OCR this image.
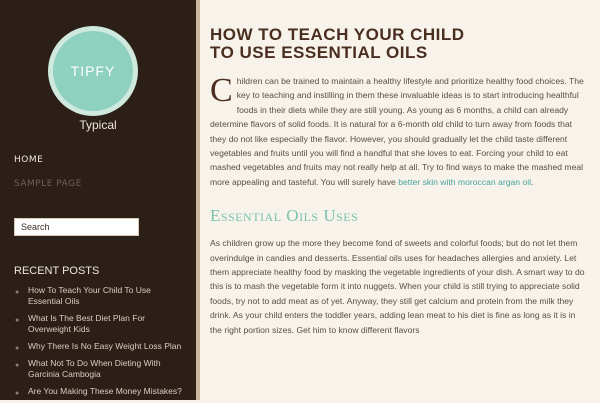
TIPFY
Typical
HOME
SAMPLE PAGE
Search
RECENT POSTS
● How To Teach Your Child To Use Essential Oils
● What Is The Best Diet Plan For Overweight Kids
● Why There Is No Easy Weight Loss Plan
● What Not To Do When Dieting With Garcinia Cambogia
● Are You Making These Money Mistakes?
HOW TO TEACH YOUR CHILD
TO USE ESSENTIAL OILS
Children can be trained to maintain a healthy lifestyle and prioritize healthy food choices. The key to teaching and instilling in them these invaluable ideas is to start introducing healthful foods in their diets while they are still young. As young as 6 months, a child can already determine flavors of solid foods. It is natural for a 6-month old child to turn away from foods that they do not like especially the flavor. However, you should gradually let the child taste different vegetables and fruits until you will find a handful that she loves to eat. Forcing your child to eat mashed vegetables and fruits may not really help at all. Try to find ways to make the mashed meal more appealing and tasteful. You will surely have better skin with moroccan argan oil.
Essential Oils Uses
As children grow up the more they become fond of sweets and colorful foods; but do not let them overindulge in candies and desserts. Essential oils uses for headaches allergies and anxiety. Let them appreciate healthy food by masking the vegetable ingredients of your dish. A smart way to do this is to mash the vegetable form it into nuggets. When your child is still trying to appreciate solid foods, try not to add meat as of yet. Anyway, they still get calcium and protein from the milk they drink. As your child enters the toddler years, adding lean meat to his diet is fine as long as it is in the right portion sizes. Get him to know different flavors
